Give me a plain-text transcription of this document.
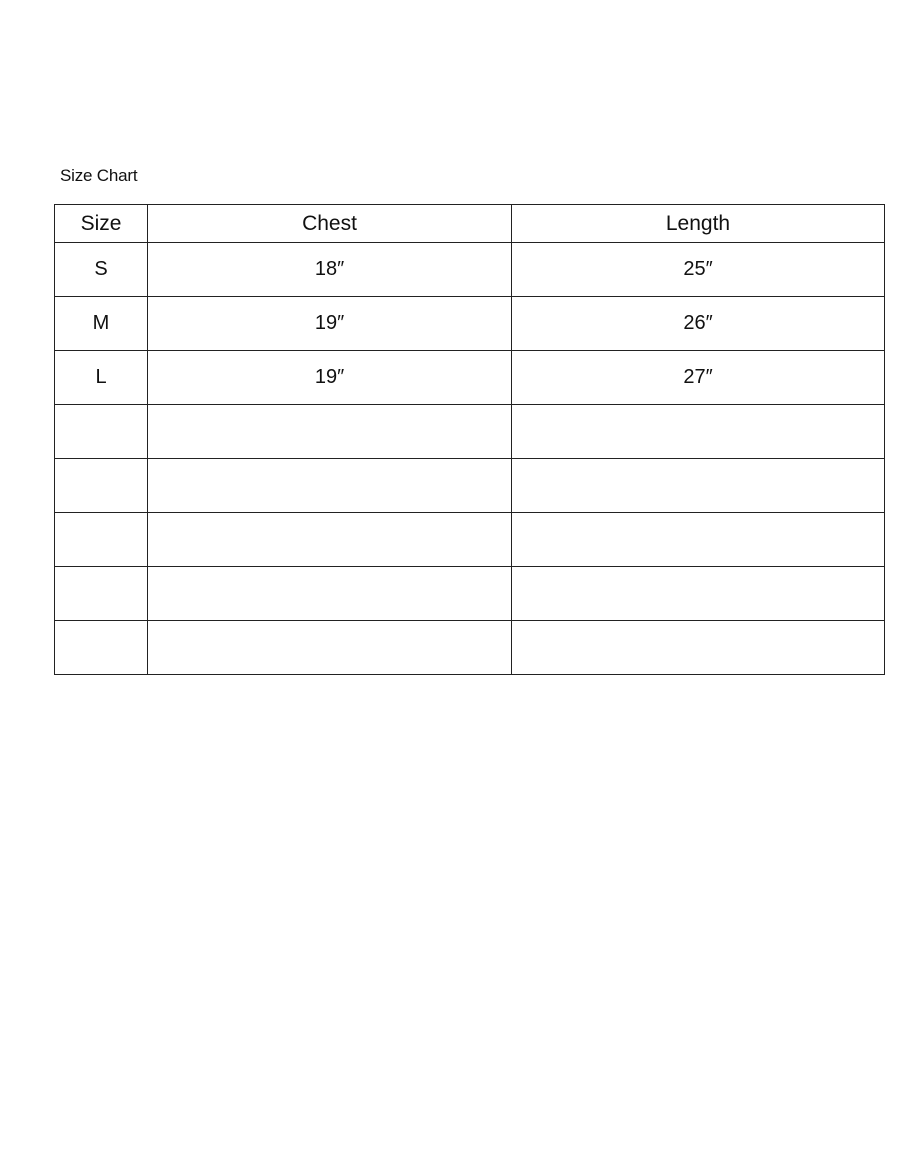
Size Chart
Size	Chest	Length
S	18″	25″
M	19″	26″
L	19″	27″
